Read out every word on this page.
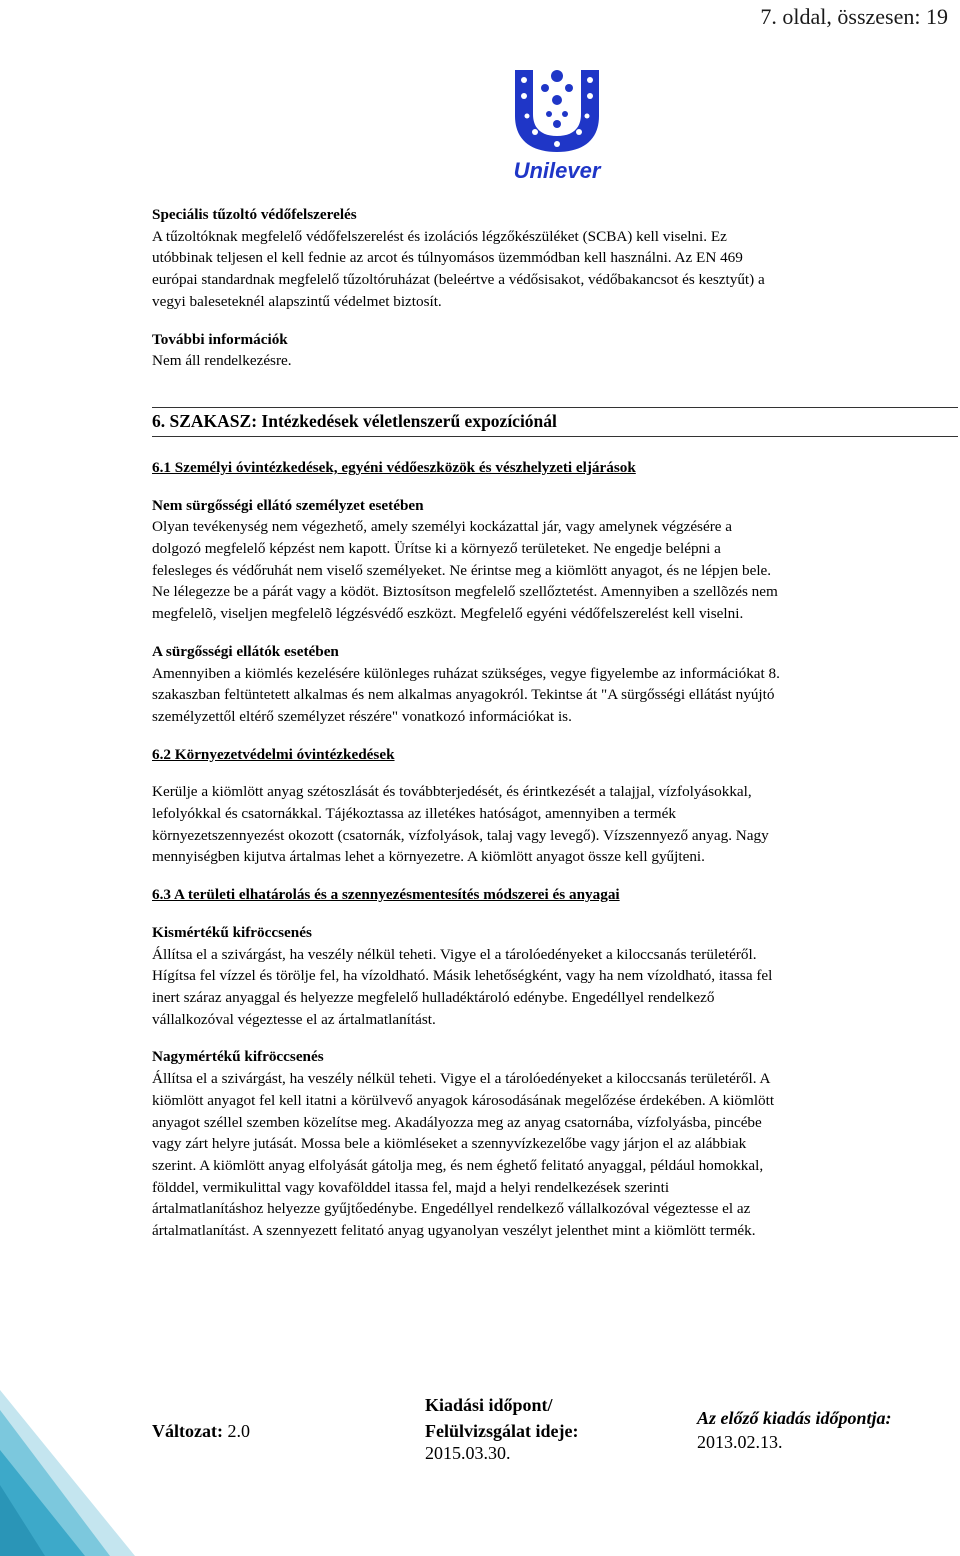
7. oldal, összesen: 19
Unilever

Speciális tűzoltó védőfelszerelés

A tűzoltóknak megfelelő védőfelszerelést és izolációs légzőkészüléket (SCBA) kell viselni. Ez

utóbbinak teljesen el kell fednie az arcot és túlnyomásos üzemmódban kell használni. Az EN 469

európai standardnak megfelelő tűzoltóruházat (beleértve a védősisakot, védőbakancsot és kesztyűt) a

vegyi baleseteknél alapszintű védelmet biztosít.

További információk

Nem áll rendelkezésre.

6. SZAKASZ: Intézkedések véletlenszerű expozíciónál

6.1 Személyi óvintézkedések, egyéni védőeszközök és vészhelyzeti eljárások

Nem sürgősségi ellátó személyzet esetében

Olyan tevékenység nem végezhető, amely személyi kockázattal jár, vagy amelynek végzésére a

dolgozó megfelelő képzést nem kapott. Ürítse ki a környező területeket. Ne engedje belépni a

felesleges és védőruhát nem viselő személyeket. Ne érintse meg a kiömlött anyagot, és ne lépjen bele.

Ne lélegezze be a párát vagy a ködöt. Biztosítson megfelelő szellőztetést. Amennyiben a szellõzés nem

megfelelõ, viseljen megfelelõ légzésvédő eszközt. Megfelelő egyéni védőfelszerelést kell viselni.

A sürgősségi ellátók esetében

Amennyiben a kiömlés kezelésére különleges ruházat szükséges, vegye figyelembe az információkat 8.

szakaszban feltüntetett alkalmas és nem alkalmas anyagokról. Tekintse át "A sürgősségi ellátást nyújtó

személyzettől eltérő személyzet részére" vonatkozó információkat is.

6.2 Környezetvédelmi óvintézkedések

Kerülje a kiömlött anyag szétoszlását és továbbterjedését, és érintkezését a talajjal, vízfolyásokkal,

lefolyókkal és csatornákkal. Tájékoztassa az illetékes hatóságot, amennyiben a termék

környezetszennyezést okozott (csatornák, vízfolyások, talaj vagy levegő). Vízszennyező anyag. Nagy

mennyiségben kijutva ártalmas lehet a környezetre. A kiömlött anyagot össze kell gyűjteni.

6.3 A területi elhatárolás és a szennyezésmentesítés módszerei és anyagai

Kismértékű kifröccsenés

Állítsa el a szivárgást, ha veszély nélkül teheti. Vigye el a tárolóedényeket a kiloccsanás területéről.

Hígítsa fel vízzel és törölje fel, ha vízoldható. Másik lehetőségként, vagy ha nem vízoldható, itassa fel

inert száraz anyaggal és helyezze megfelelő hulladéktároló edénybe. Engedéllyel rendelkező

vállalkozóval végeztesse el az ártalmatlanítást.

Nagymértékű kifröccsenés

Állítsa el a szivárgást, ha veszély nélkül teheti. Vigye el a tárolóedényeket a kiloccsanás területéről. A

kiömlött anyagot fel kell itatni a körülvevő anyagok károsodásának megelőzése érdekében. A kiömlött

anyagot széllel szemben közelítse meg. Akadályozza meg az anyag csatornába, vízfolyásba, pincébe

vagy zárt helyre jutását. Mossa bele a kiömléseket a szennyvízkezelőbe vagy járjon el az alábbiak

szerint. A kiömlött anyag elfolyását gátolja meg, és nem éghető felitató anyaggal, például homokkal,

földdel, vermikulittal vagy kovafölddel itassa fel, majd a helyi rendelkezések szerinti

ártalmatlanításhoz helyezze gyűjtőedénybe. Engedéllyel rendelkező vállalkozóval végeztesse el az

ártalmatlanítást. A szennyezett felitató anyag ugyanolyan veszélyt jelenthet mint a kiömlött termék.

Változat: 2.0
Kiadási időpont/
Felülvizsgálat ideje:
2015.03.30.
Az előző kiadás időpontja:
2013.02.13.
